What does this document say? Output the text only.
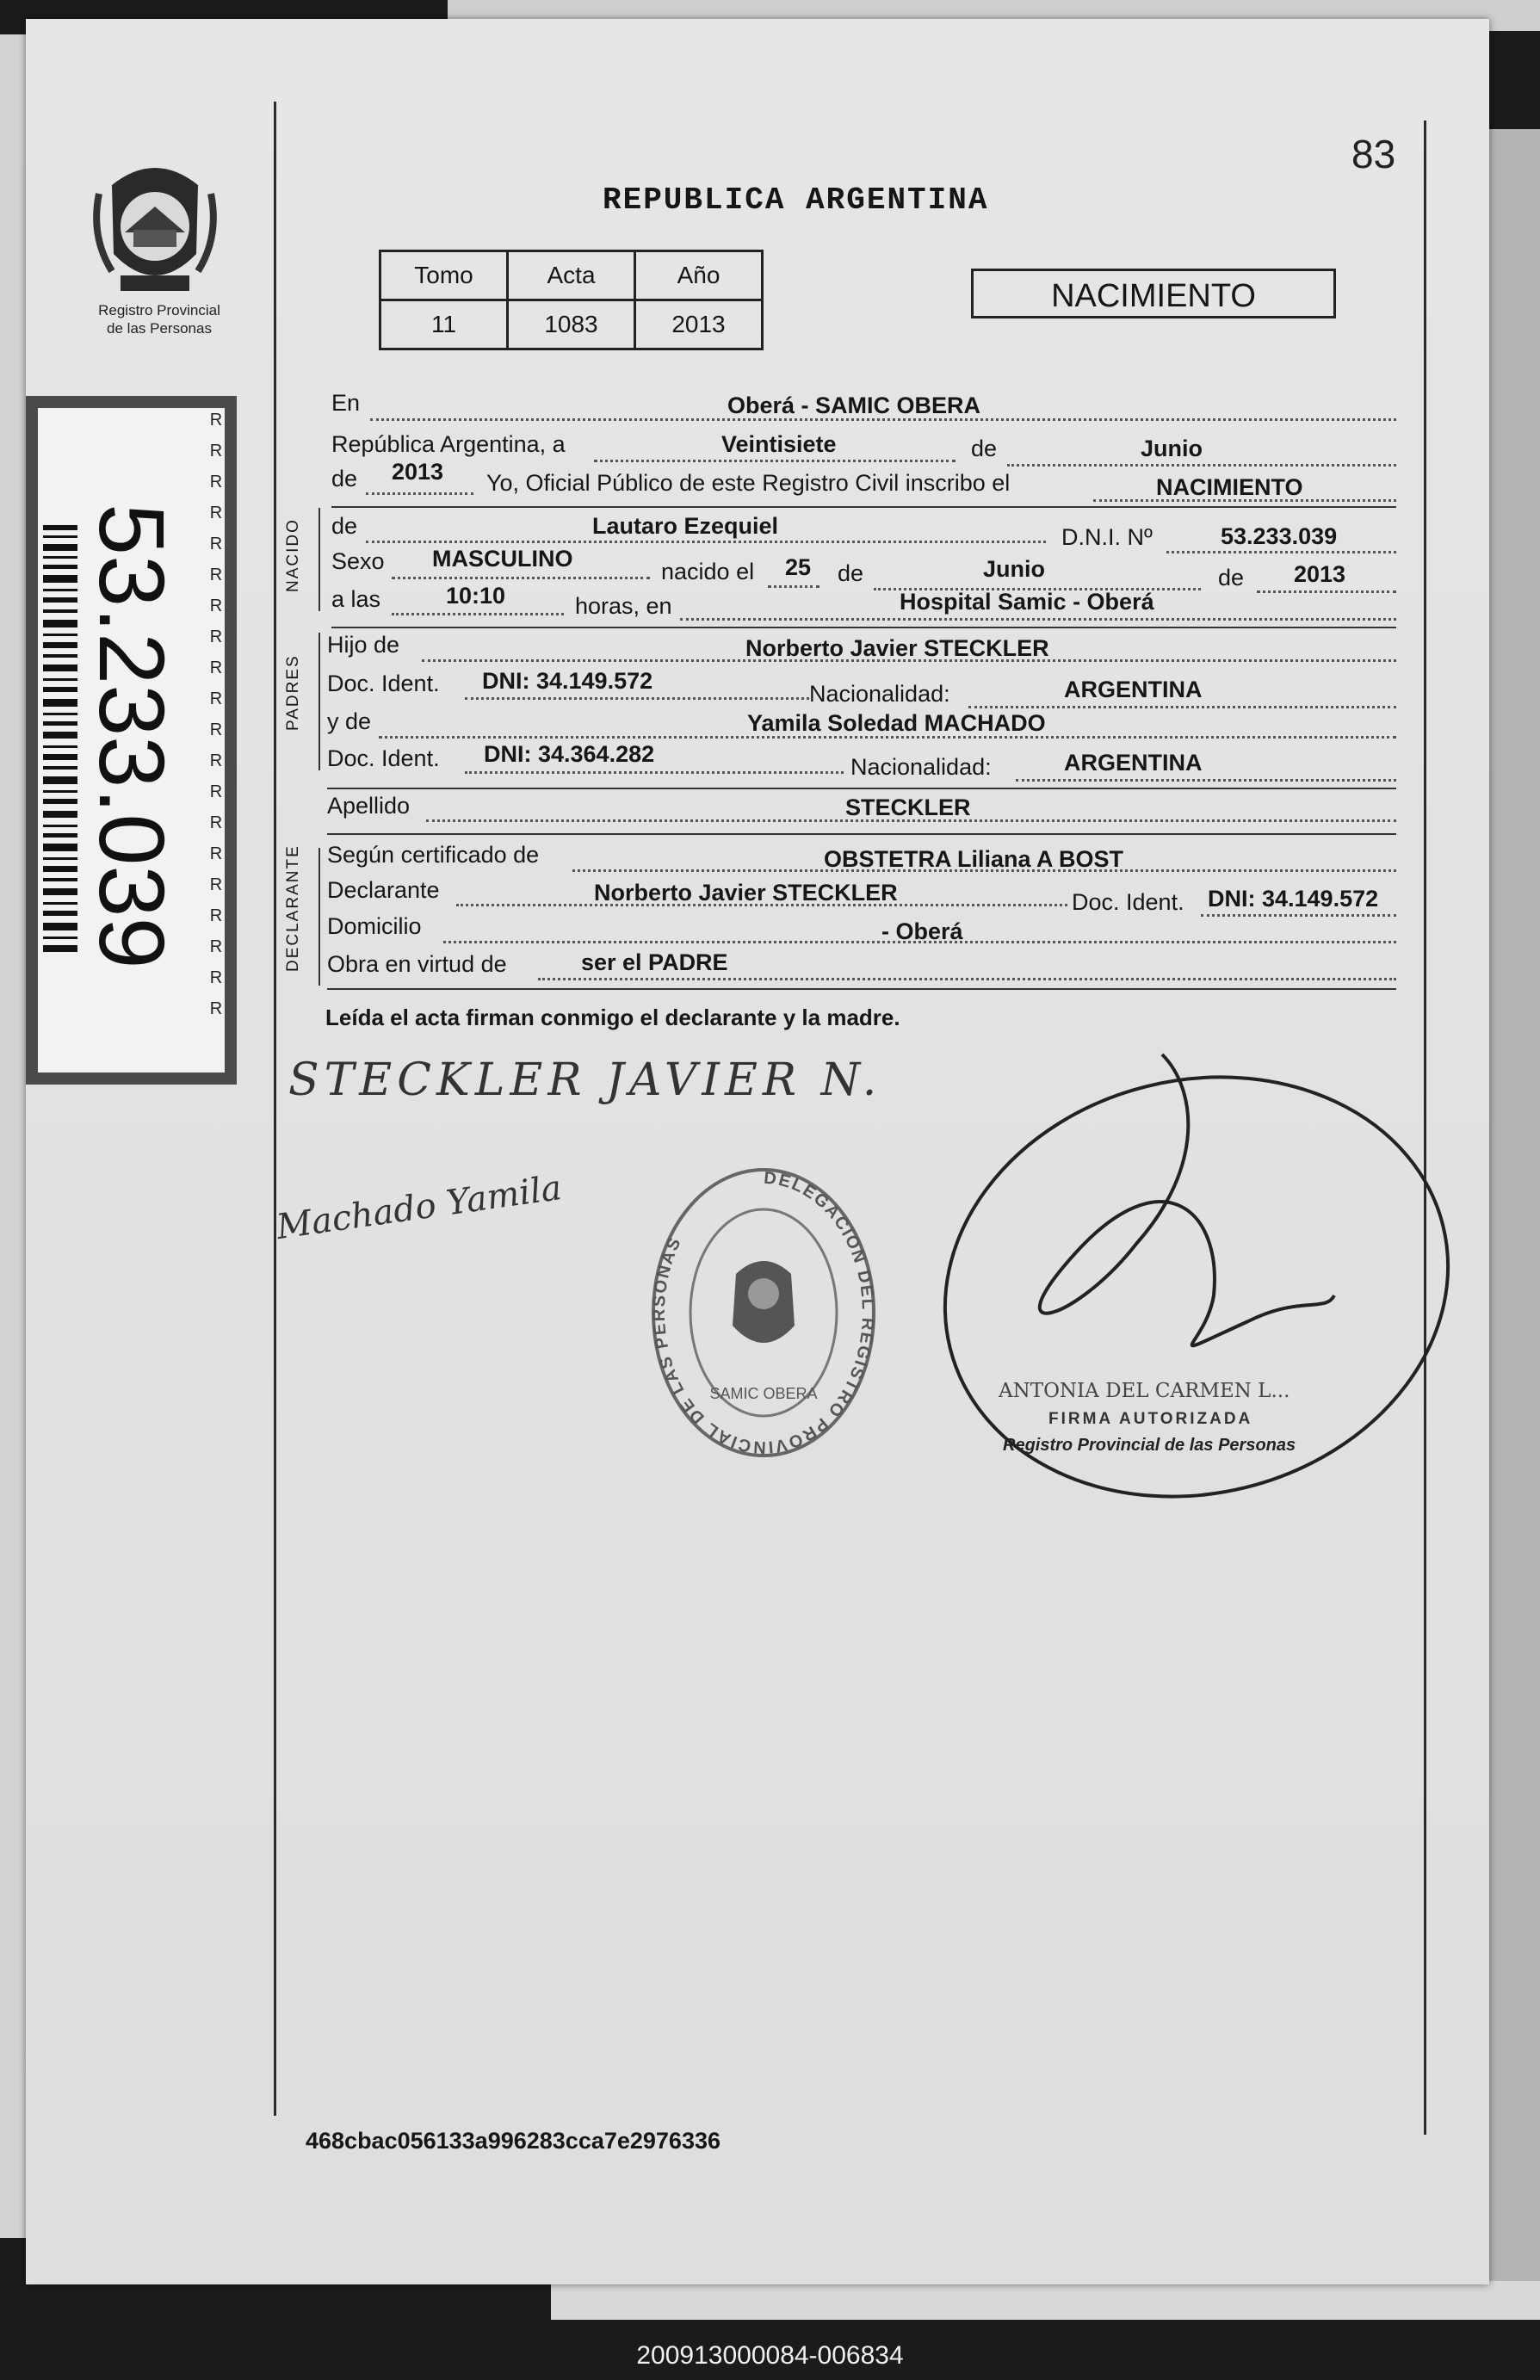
83
REPUBLICA ARGENTINA
Registro Provincial
de las Personas
Tomo	Acta	Año
11	1083	2013
NACIMIENTO
53.233.039
RRRRRRRRRRRRRRRRRRRR
NACIDO
PADRES
DECLARANTE
En	Oberá - SAMIC OBERA
República Argentina, a	Veintisiete	de	Junio
de 2013 Yo, Oficial Público de este Registro Civil inscribo el	NACIMIENTO
de	Lautaro Ezequiel	D.N.I. Nº	53.233.039
Sexo MASCULINO	nacido el 25 de	Junio	de 2013
a las	10:10	horas, en	Hospital Samic - Oberá
Hijo de	Norberto Javier STECKLER
Doc. Ident. DNI: 34.149.572	Nacionalidad:	ARGENTINA
y de	Yamila Soledad MACHADO
Doc. Ident. DNI: 34.364.282	Nacionalidad:	ARGENTINA
Apellido	STECKLER
Según certificado de	OBSTETRA Liliana A BOST
Declarante	Norberto Javier STECKLER	Doc. Ident. DNI: 34.149.572
Domicilio	- Oberá
Obra en virtud de	ser el PADRE
Leída el acta firman conmigo el declarante y la madre.
STECKLER JAVIER N.
Machado Yamila	DELEGACION DEL REGISTRO PROVINCIAL DE LAS PERSONAS
SAMIC OBERA	ANTONIA DEL CARMEN L...
FIRMA AUTORIZADA
Registro Provincial de las Personas
468cbac056133a996283cca7e2976336
200913000084-006834
